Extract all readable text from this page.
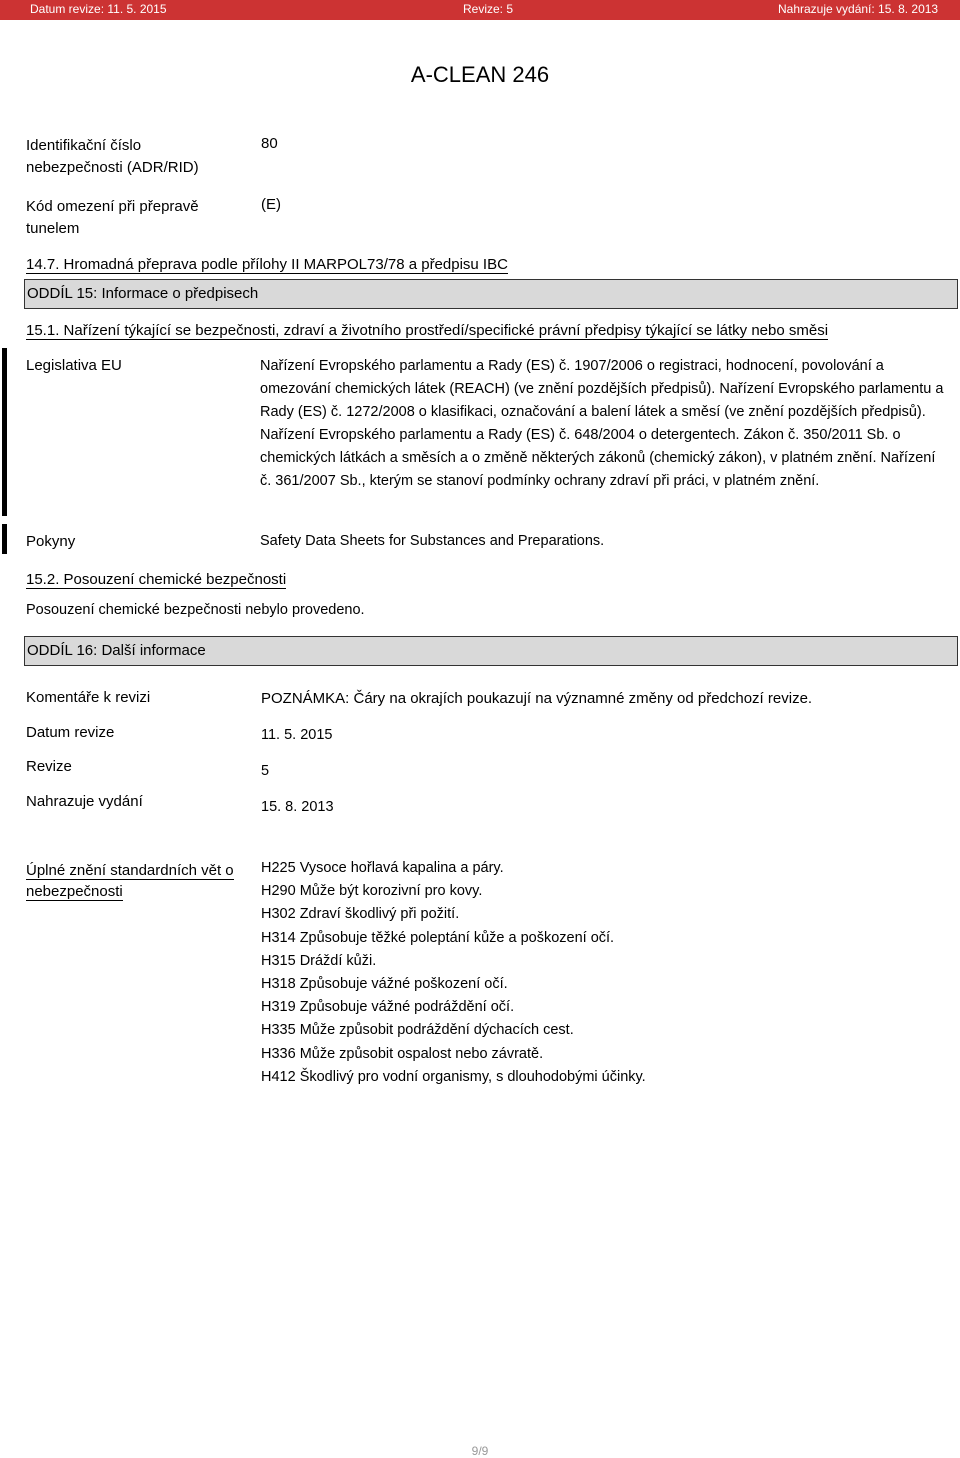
Datum revize: 11. 5. 2015	Revize: 5	Nahrazuje vydání: 15. 8. 2013
A-CLEAN 246
Identifikační číslo nebezpečnosti (ADR/RID)
80
Kód omezení při přepravě tunelem
(E)
14.7. Hromadná přeprava podle přílohy II MARPOL73/78 a předpisu IBC
ODDÍL 15: Informace o předpisech
15.1. Nařízení týkající se bezpečnosti, zdraví a životního prostředí/specifické právní předpisy týkající se látky nebo směsi
Legislativa EU	Nařízení Evropského parlamentu a Rady (ES) č. 1907/2006 o registraci, hodnocení, povolování a omezování chemických látek (REACH) (ve znění pozdějších předpisů). Nařízení Evropského parlamentu a Rady (ES) č. 1272/2008 o klasifikaci, označování a balení látek a směsí (ve znění pozdějších předpisů). Nařízení Evropského parlamentu a Rady (ES) č. 648/2004 o detergentech. Zákon č. 350/2011 Sb. o chemických látkách a směsích a o změně některých zákonů (chemický zákon), v platném znění. Nařízení č. 361/2007 Sb., kterým se stanoví podmínky ochrany zdraví při práci, v platném znění.
Pokyny	Safety Data Sheets for Substances and Preparations.
15.2. Posouzení chemické bezpečnosti
Posouzení chemické bezpečnosti nebylo provedeno.
ODDÍL 16: Další informace
Komentáře k revizi	POZNÁMKA: Čáry na okrajích poukazují na významné změny od předchozí revize.
Datum revize	11. 5. 2015
Revize	5
Nahrazuje vydání	15. 8. 2013
Úplné znění standardních vět o nebezpečnosti
H225 Vysoce hořlavá kapalina a páry.
H290 Může být korozivní pro kovy.
H302 Zdraví škodlivý při požití.
H314 Způsobuje těžké poleptání kůže a poškození očí.
H315 Dráždí kůži.
H318 Způsobuje vážné poškození očí.
H319 Způsobuje vážné podráždění očí.
H335 Může způsobit podráždění dýchacích cest.
H336 Může způsobit ospalost nebo závratě.
H412 Škodlivý pro vodní organismy, s dlouhodobými účinky.
9/9
